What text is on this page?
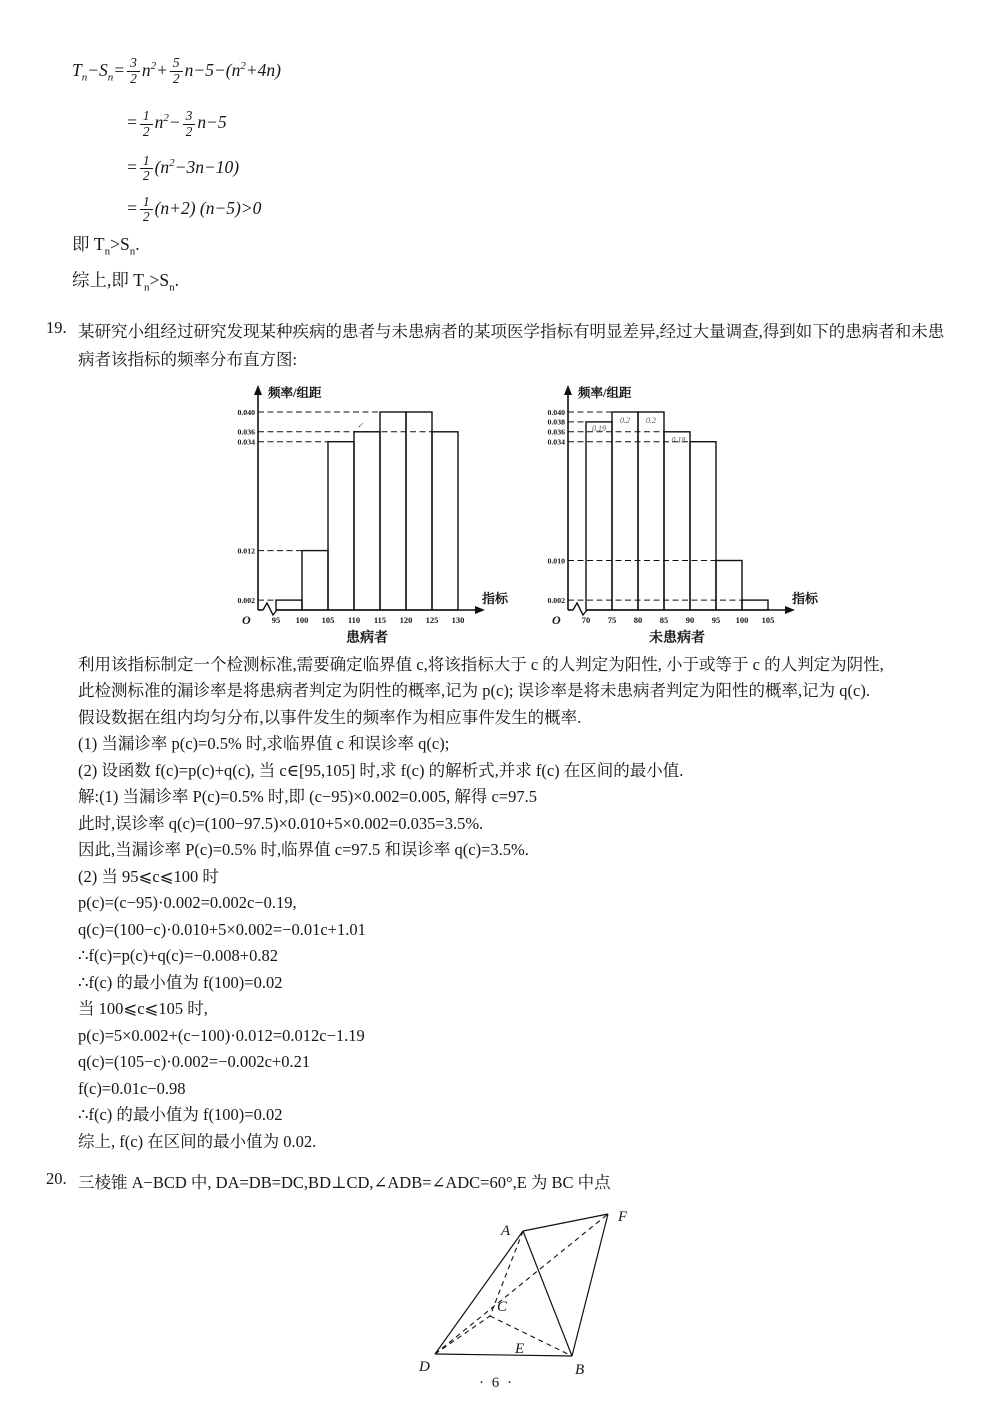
$T_n-S_n= \frac{3}{2} n^2+ \frac{5}{2} n-5-(n^2+4n)$
= $\frac{1}{2} n^2- \frac{3}{2} n-5$
= $\frac{1}{2} (n^2-3n-10)$
= $\frac{1}{2} (n+2)$ (n−5)>0
即 $T_n>S_n$.
综上,即 $T_n>S_n$.
19. 某研究小组经过研究发现某种疾病的患者与未患病者的某项医学指标有明显差异,经过大量调查,得到如下的患病者和未患病者该指标的频率分布直方图:
O
频率/组距
指标
0.002
0.012
0.034
0.036
0.040
95 100 105 110 115 120 125 130
✓
患病者
O
频率/组距
指标
0.002
0.010
0.034
0.036
0.038
0.040
70 75 80 85 90 95 100 105
0.19
0.2 0.2
0.18
未患病者
利用该指标制定一个检测标准,需要确定临界值 c,将该指标大于 c 的人判定为阳性, 小于或等于 c 的人判定为阴性,
此检测标准的漏诊率是将患病者判定为阴性的概率,记为 p(c); 误诊率是将未患病者判定为阳性的概率,记为 q(c).
假设数据在组内均匀分布,以事件发生的频率作为相应事件发生的概率.
(1) 当漏诊率 p(c)=0.5% 时,求临界值 c 和误诊率 q(c);
(2) 设函数 f(c)=p(c)+q(c), 当 c∈[95,105] 时,求 f(c) 的解析式,并求 f(c) 在区间的最小值.
解:(1) 当漏诊率 P(c)=0.5% 时,即 (c−95)×0.002=0.005, 解得 c=97.5
此时,误诊率 q(c)=(100−97.5)×0.010+5×0.002=0.035=3.5%.
因此,当漏诊率 P(c)=0.5% 时,临界值 c=97.5 和误诊率 q(c)=3.5%.
(2) 当 95⩽c⩽100 时
p(c)=(c−95)·0.002=0.002c−0.19,
q(c)=(100−c)·0.010+5×0.002=−0.01c+1.01
∴f(c)=p(c)+q(c)=−0.008+0.82
∴f(c) 的最小值为 f(100)=0.02
当 100⩽c⩽105 时,
p(c)=5×0.002+(c−100)·0.012=0.012c−1.19
q(c)=(105−c)·0.002=−0.002c+0.21
f(c)=0.01c−0.98
∴f(c) 的最小值为 f(100)=0.02
综上, f(c) 在区间的最小值为 0.02.
20. 三棱锥 A−BCD 中, DA=DB=DC,BD⊥CD,∠ADB=∠ADC=60°,E 为 BC 中点
A
F
C
D	B
E
· 6 ·
